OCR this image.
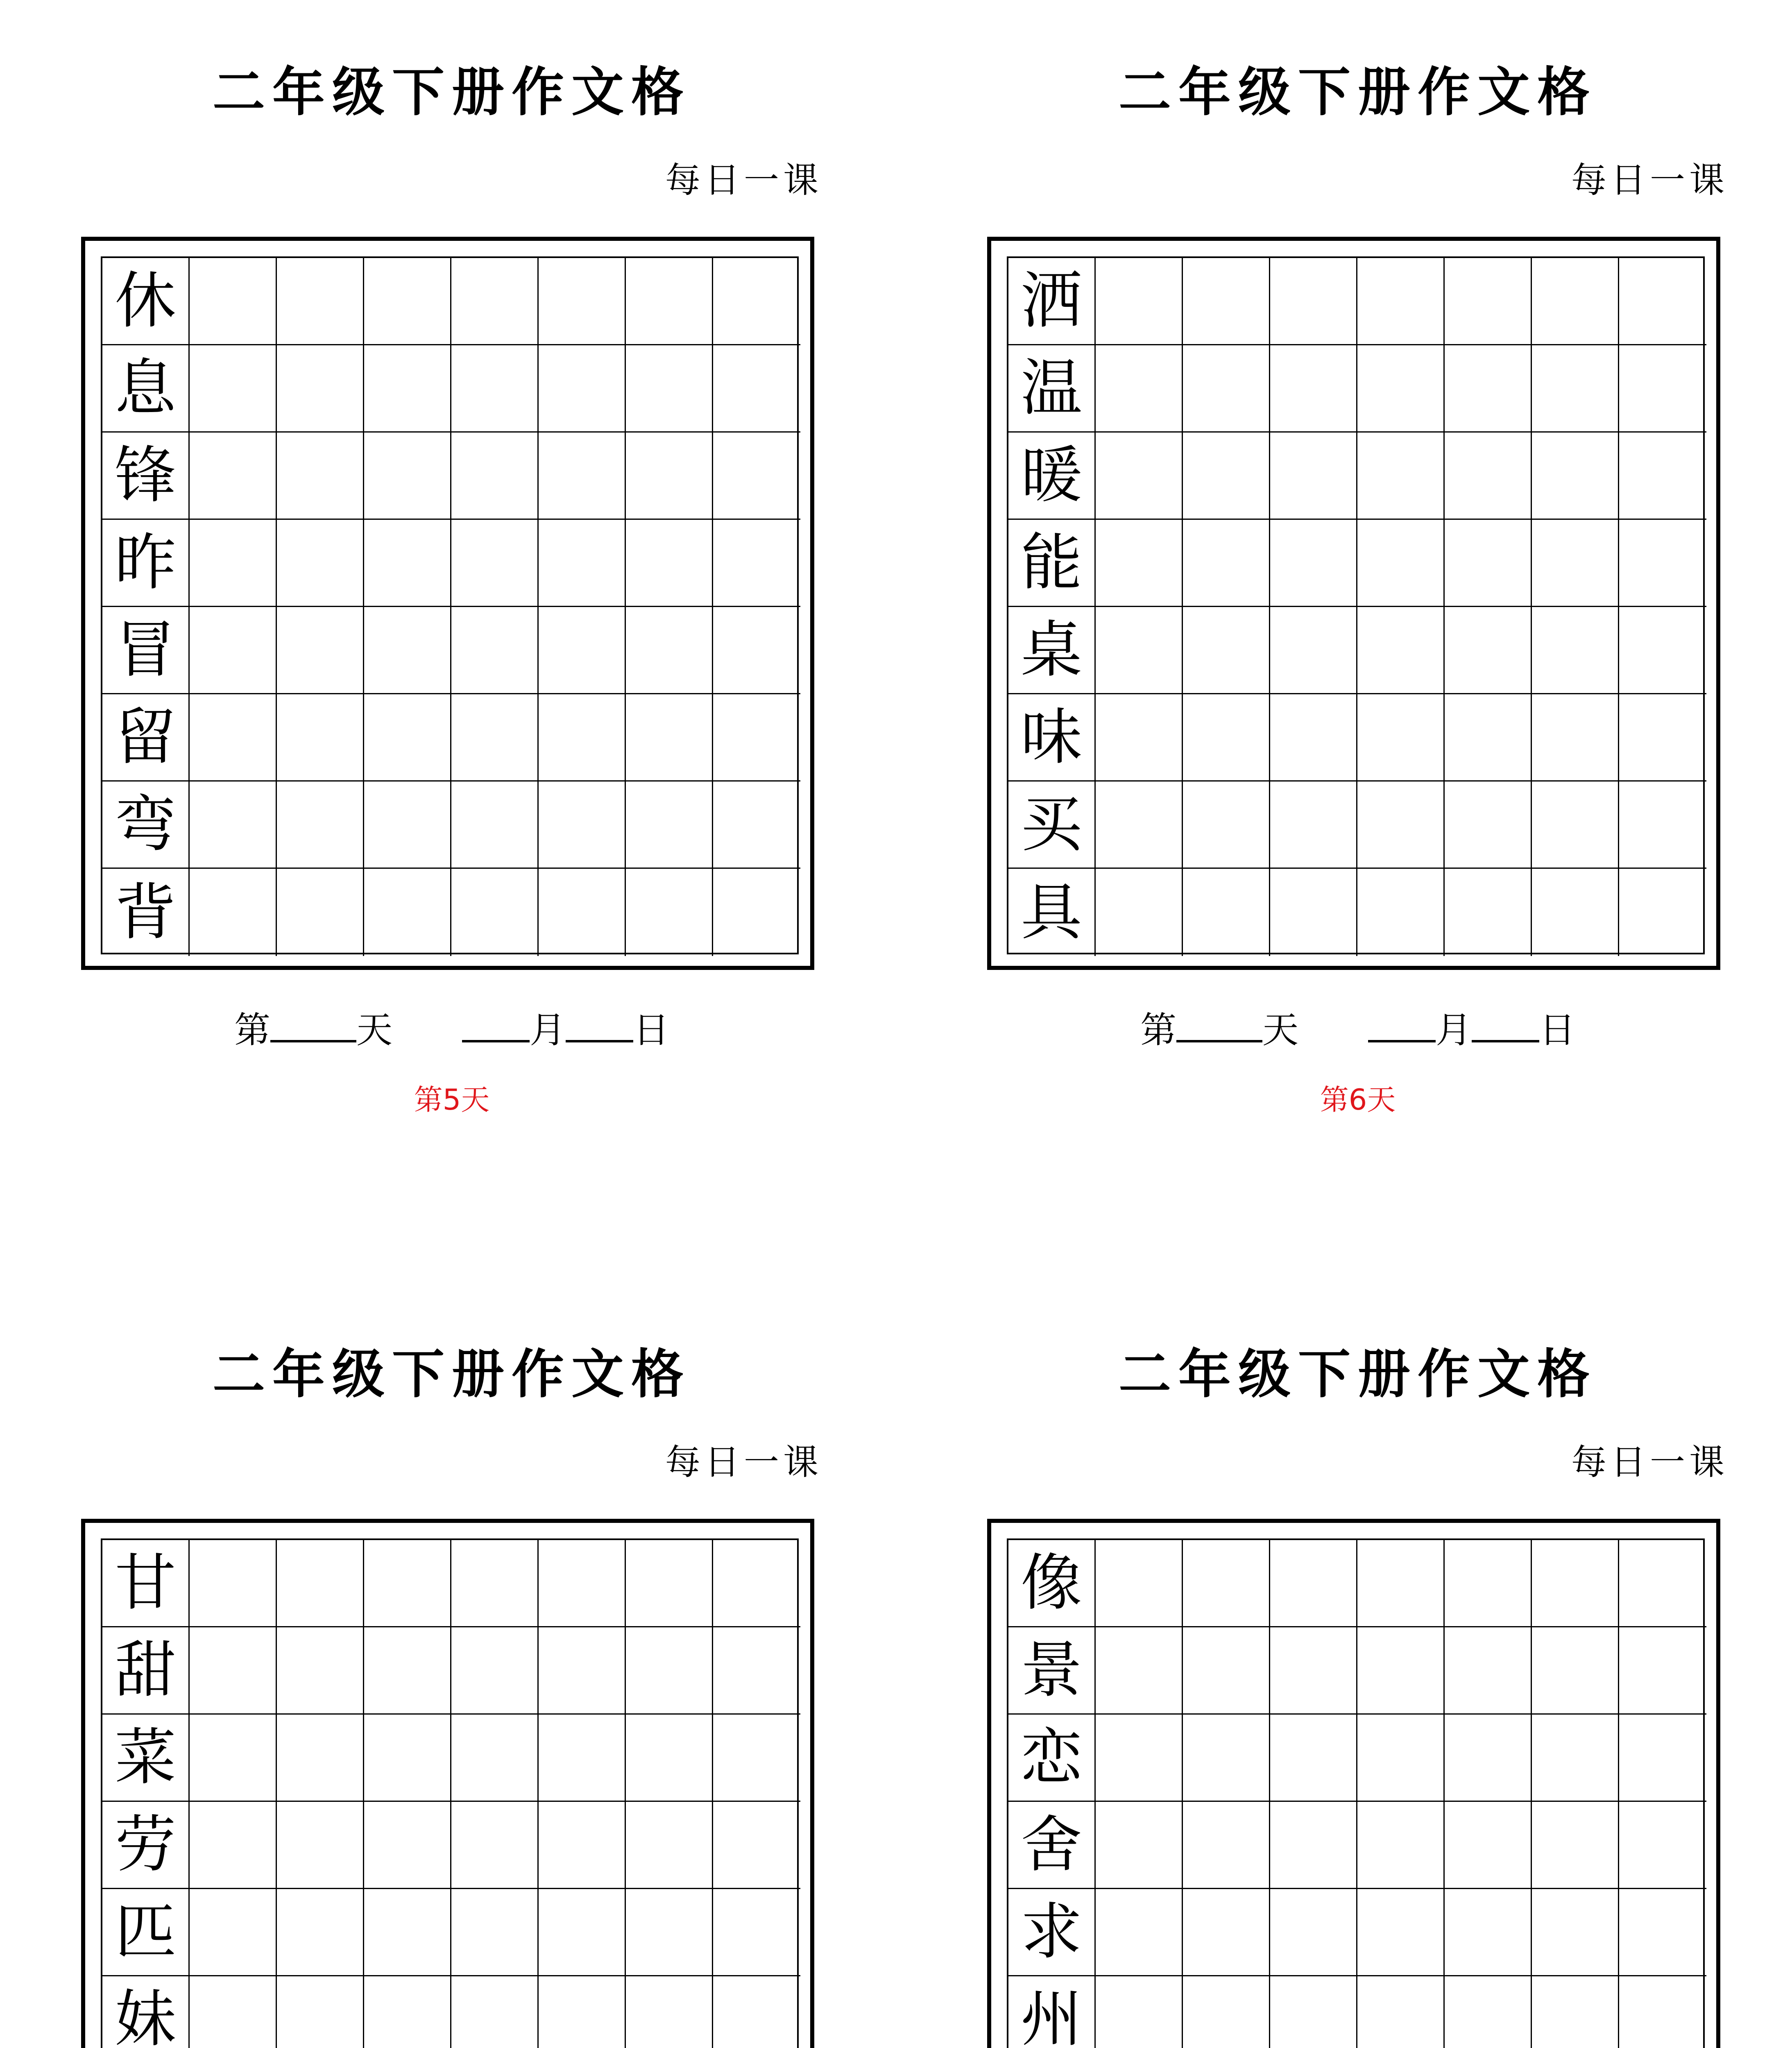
二年级下册作文格
每日一课
休
息
锋
昨
冒
留
弯
背
第 天	月 日
第5天
二年级下册作文格
每日一课
洒
温
暖
能
桌
味
买
具
第 天	月 日
第6天
二年级下册作文格
每日一课
甘
甜
菜
劳
匹
妹
二年级下册作文格
每日一课
像
景
恋
舍
求
州
